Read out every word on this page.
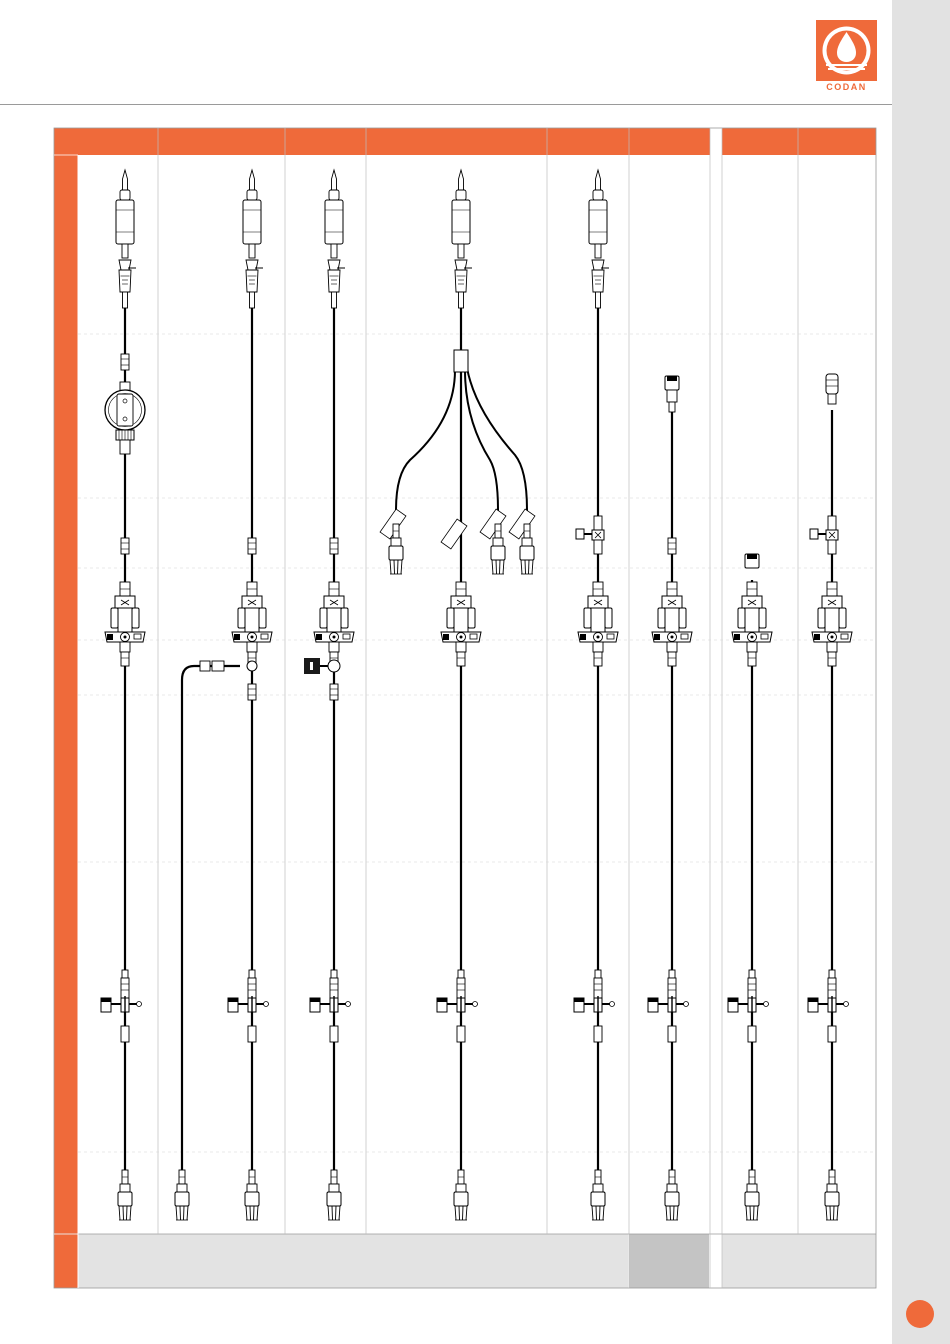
CODAN
